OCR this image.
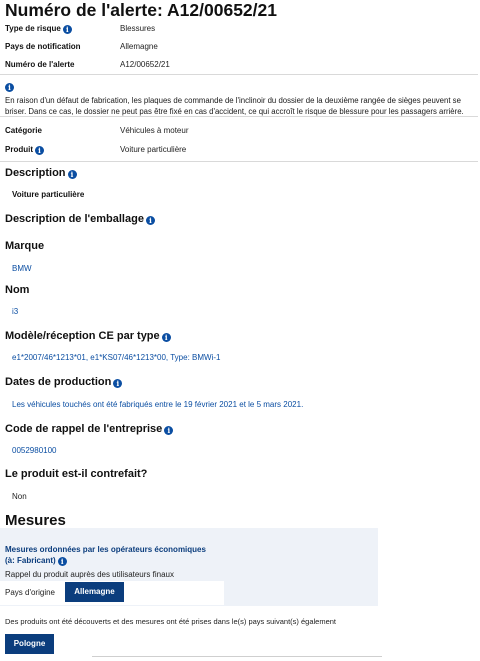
Numéro de l'alerte: A12/00652/21
Type de risque i	Blessures
Pays de notification	Allemagne
Numéro de l'alerte	A12/00652/21
i
En raison d'un défaut de fabrication, les plaques de commande de l'inclinoir du dossier de la deuxième rangée de sièges peuvent se briser. Dans ce cas, le dossier ne peut pas être fixé en cas d'accident, ce qui accroît le risque de blessure pour les passagers arrière.
Catégorie	Véhicules à moteur
Produit i	Voiture particulière
Description i
Voiture particulière
Description de l'emballage i
Marque
BMW
Nom
i3
Modèle/réception CE par type i
e1*2007/46*1213*01, e1*KS07/46*1213*00, Type: BMWi-1
Dates de production i
Les véhicules touchés ont été fabriqués entre le 19 février 2021 et le 5 mars 2021.
Code de rappel de l'entreprise i
0052980100
Le produit est-il contrefait?
Non
Mesures
Mesures ordonnées par les opérateurs économiques
(à: Fabricant) i
Rappel du produit auprès des utilisateurs finaux
Pays d'origine	Allemagne
Des produits ont été découverts et des mesures ont été prises dans le(s) pays suivant(s) également
Pologne
